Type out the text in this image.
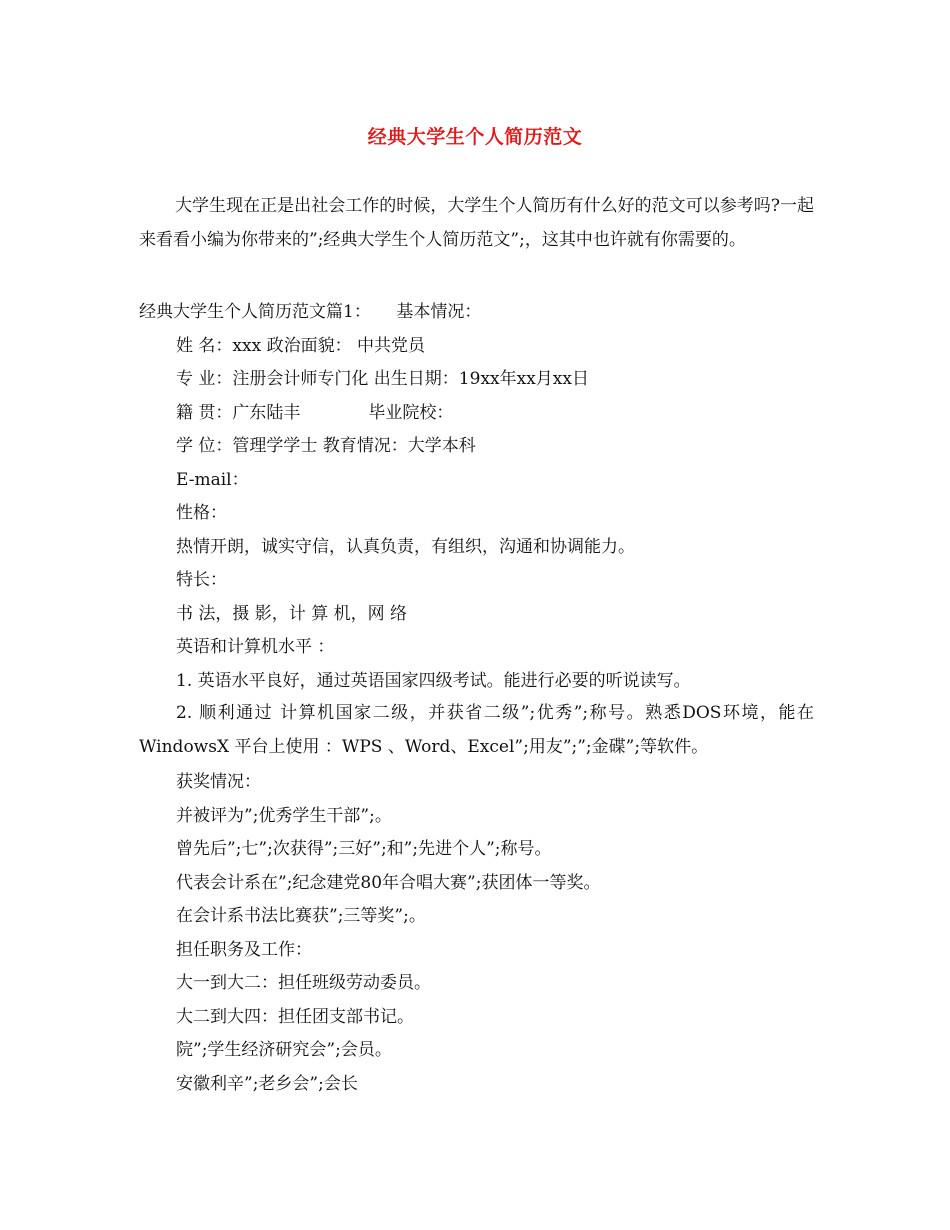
经典大学生个人简历范文
大学生现在正是出社会工作的时候，大学生个人简历有什么好的范文可以参考吗?一起来看看小编为你带来的”;经典大学生个人简历范文”;，这其中也许就有你需要的。
经典大学生个人简历范文篇1：　　基本情况：
姓 名：xxx 政治面貌： 中共党员
专 业：注册会计师专门化 出生日期：19xx年xx月xx日
籍 贯：广东陆丰　　　　毕业院校：
学 位：管理学学士 教育情况：大学本科
E-mail：
性格：
热情开朗，诚实守信，认真负责，有组织，沟通和协调能力。
特长：
书 法，摄 影，计 算 机，网 络
英语和计算机水平 ：
1. 英语水平良好，通过英语国家四级考试。能进行必要的听说读写。
2. 顺利通过 计算机国家二级，并获省二级”;优秀”;称号。熟悉DOS环境，能在WindowsX 平台上使用 ：WPS 、Word、Excel”;用友”;”;金碟”;等软件。
获奖情况：
并被评为”;优秀学生干部”;。
曾先后”;七”;次获得”;三好”;和”;先进个人”;称号。
代表会计系在”;纪念建党80年合唱大赛”;获团体一等奖。
在会计系书法比赛获”;三等奖”;。
担任职务及工作：
大一到大二：担任班级劳动委员。
大二到大四：担任团支部书记。
院”;学生经济研究会”;会员。
安徽利辛”;老乡会”;会长
